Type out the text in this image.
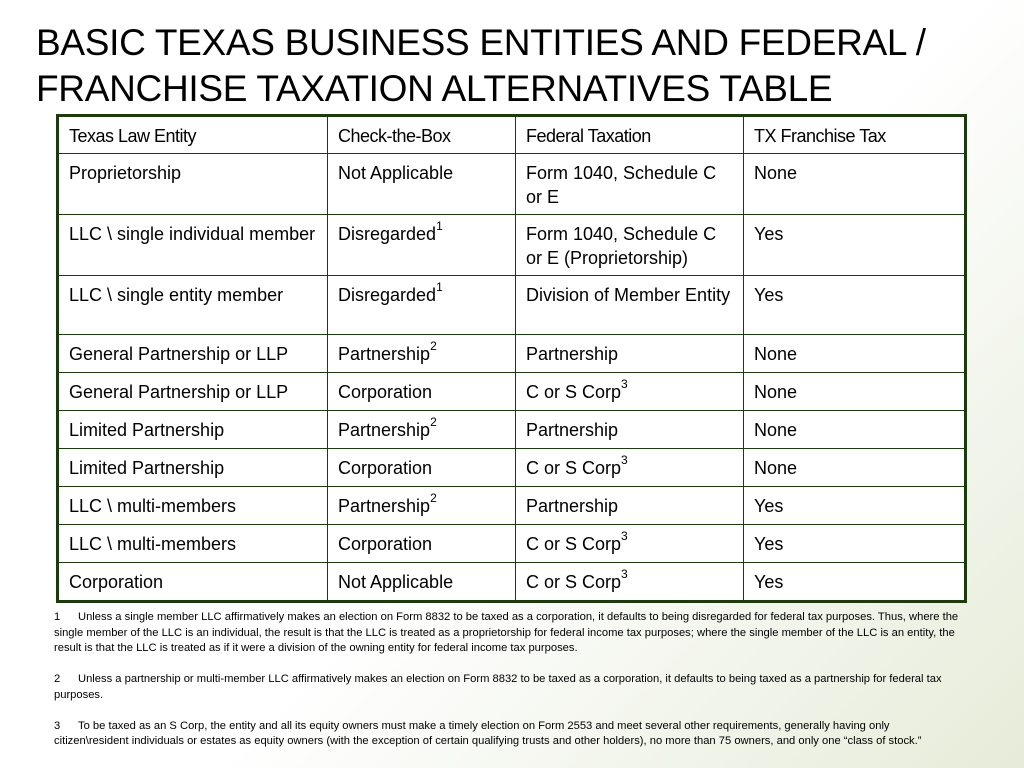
BASIC TEXAS BUSINESS ENTITIES AND FEDERAL /
FRANCHISE TAXATION ALTERNATIVES TABLE
Texas Law Entity	Check-the-Box	Federal Taxation	TX Franchise Tax
Proprietorship	Not Applicable	Form 1040, Schedule C or E	None
LLC \ single individual member	Disregarded$^1$	Form 1040, Schedule C or E (Proprietorship)	Yes
LLC \ single entity member	Disregarded$^1$	Division of Member Entity	Yes
General Partnership or LLP	Partnership$^2$	Partnership	None
General Partnership or LLP	Corporation	C or S Corp$^3$	None
Limited Partnership	Partnership$^2$	Partnership	None
Limited Partnership	Corporation	C or S Corp$^3$	None
LLC \ multi-members	Partnership$^2$	Partnership	Yes
LLC \ multi-members	Corporation	C or S Corp$^3$	Yes
Corporation	Not Applicable	C or S Corp$^3$	Yes
1 Unless a single member LLC affirmatively makes an election on Form 8832 to be taxed as a corporation, it defaults to being disregarded for federal tax purposes. Thus, where the single member of the LLC is an individual, the result is that the LLC is treated as a proprietorship for federal income tax purposes; where the single member of the LLC is an entity, the result is that the LLC is treated as if it were a division of the owning entity for federal income tax purposes.
2 Unless a partnership or multi-member LLC affirmatively makes an election on Form 8832 to be taxed as a corporation, it defaults to being taxed as a partnership for federal tax purposes.
3 To be taxed as an S Corp, the entity and all its equity owners must make a timely election on Form 2553 and meet several other requirements, generally having only citizen\resident individuals or estates as equity owners (with the exception of certain qualifying trusts and other holders), no more than 75 owners, and only one “class of stock.”
